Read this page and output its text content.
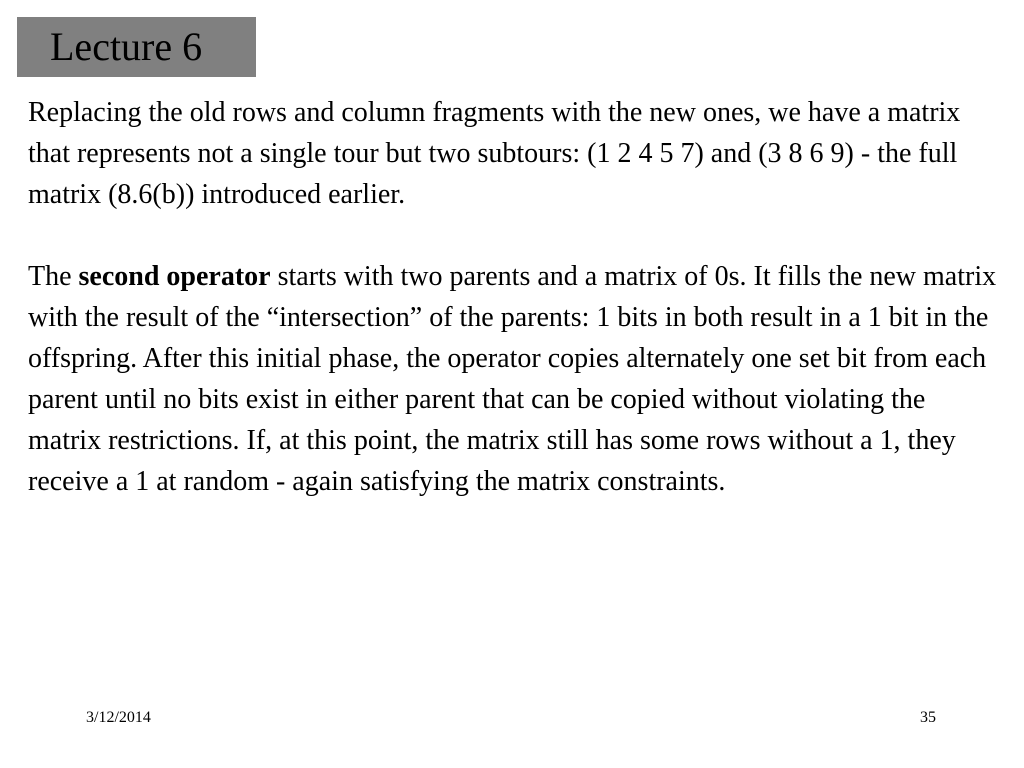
Lecture 6

Replacing the old rows and column fragments with the new ones, we have a matrix that represents not a single tour but two subtours: (1 2 4 5 7) and (3 8 6 9) - the full matrix (8.6(b)) introduced earlier.

The second operator starts with two parents and a matrix of 0s. It fills the new matrix with the result of the “intersection” of the parents: 1 bits in both result in a 1 bit in the offspring. After this initial phase, the operator copies alternately one set bit from each parent until no bits exist in either parent that can be copied without violating the matrix restrictions. If, at this point, the matrix still has some rows without a 1, they receive a 1 at random - again satisfying the matrix constraints.

3/12/2014	35
